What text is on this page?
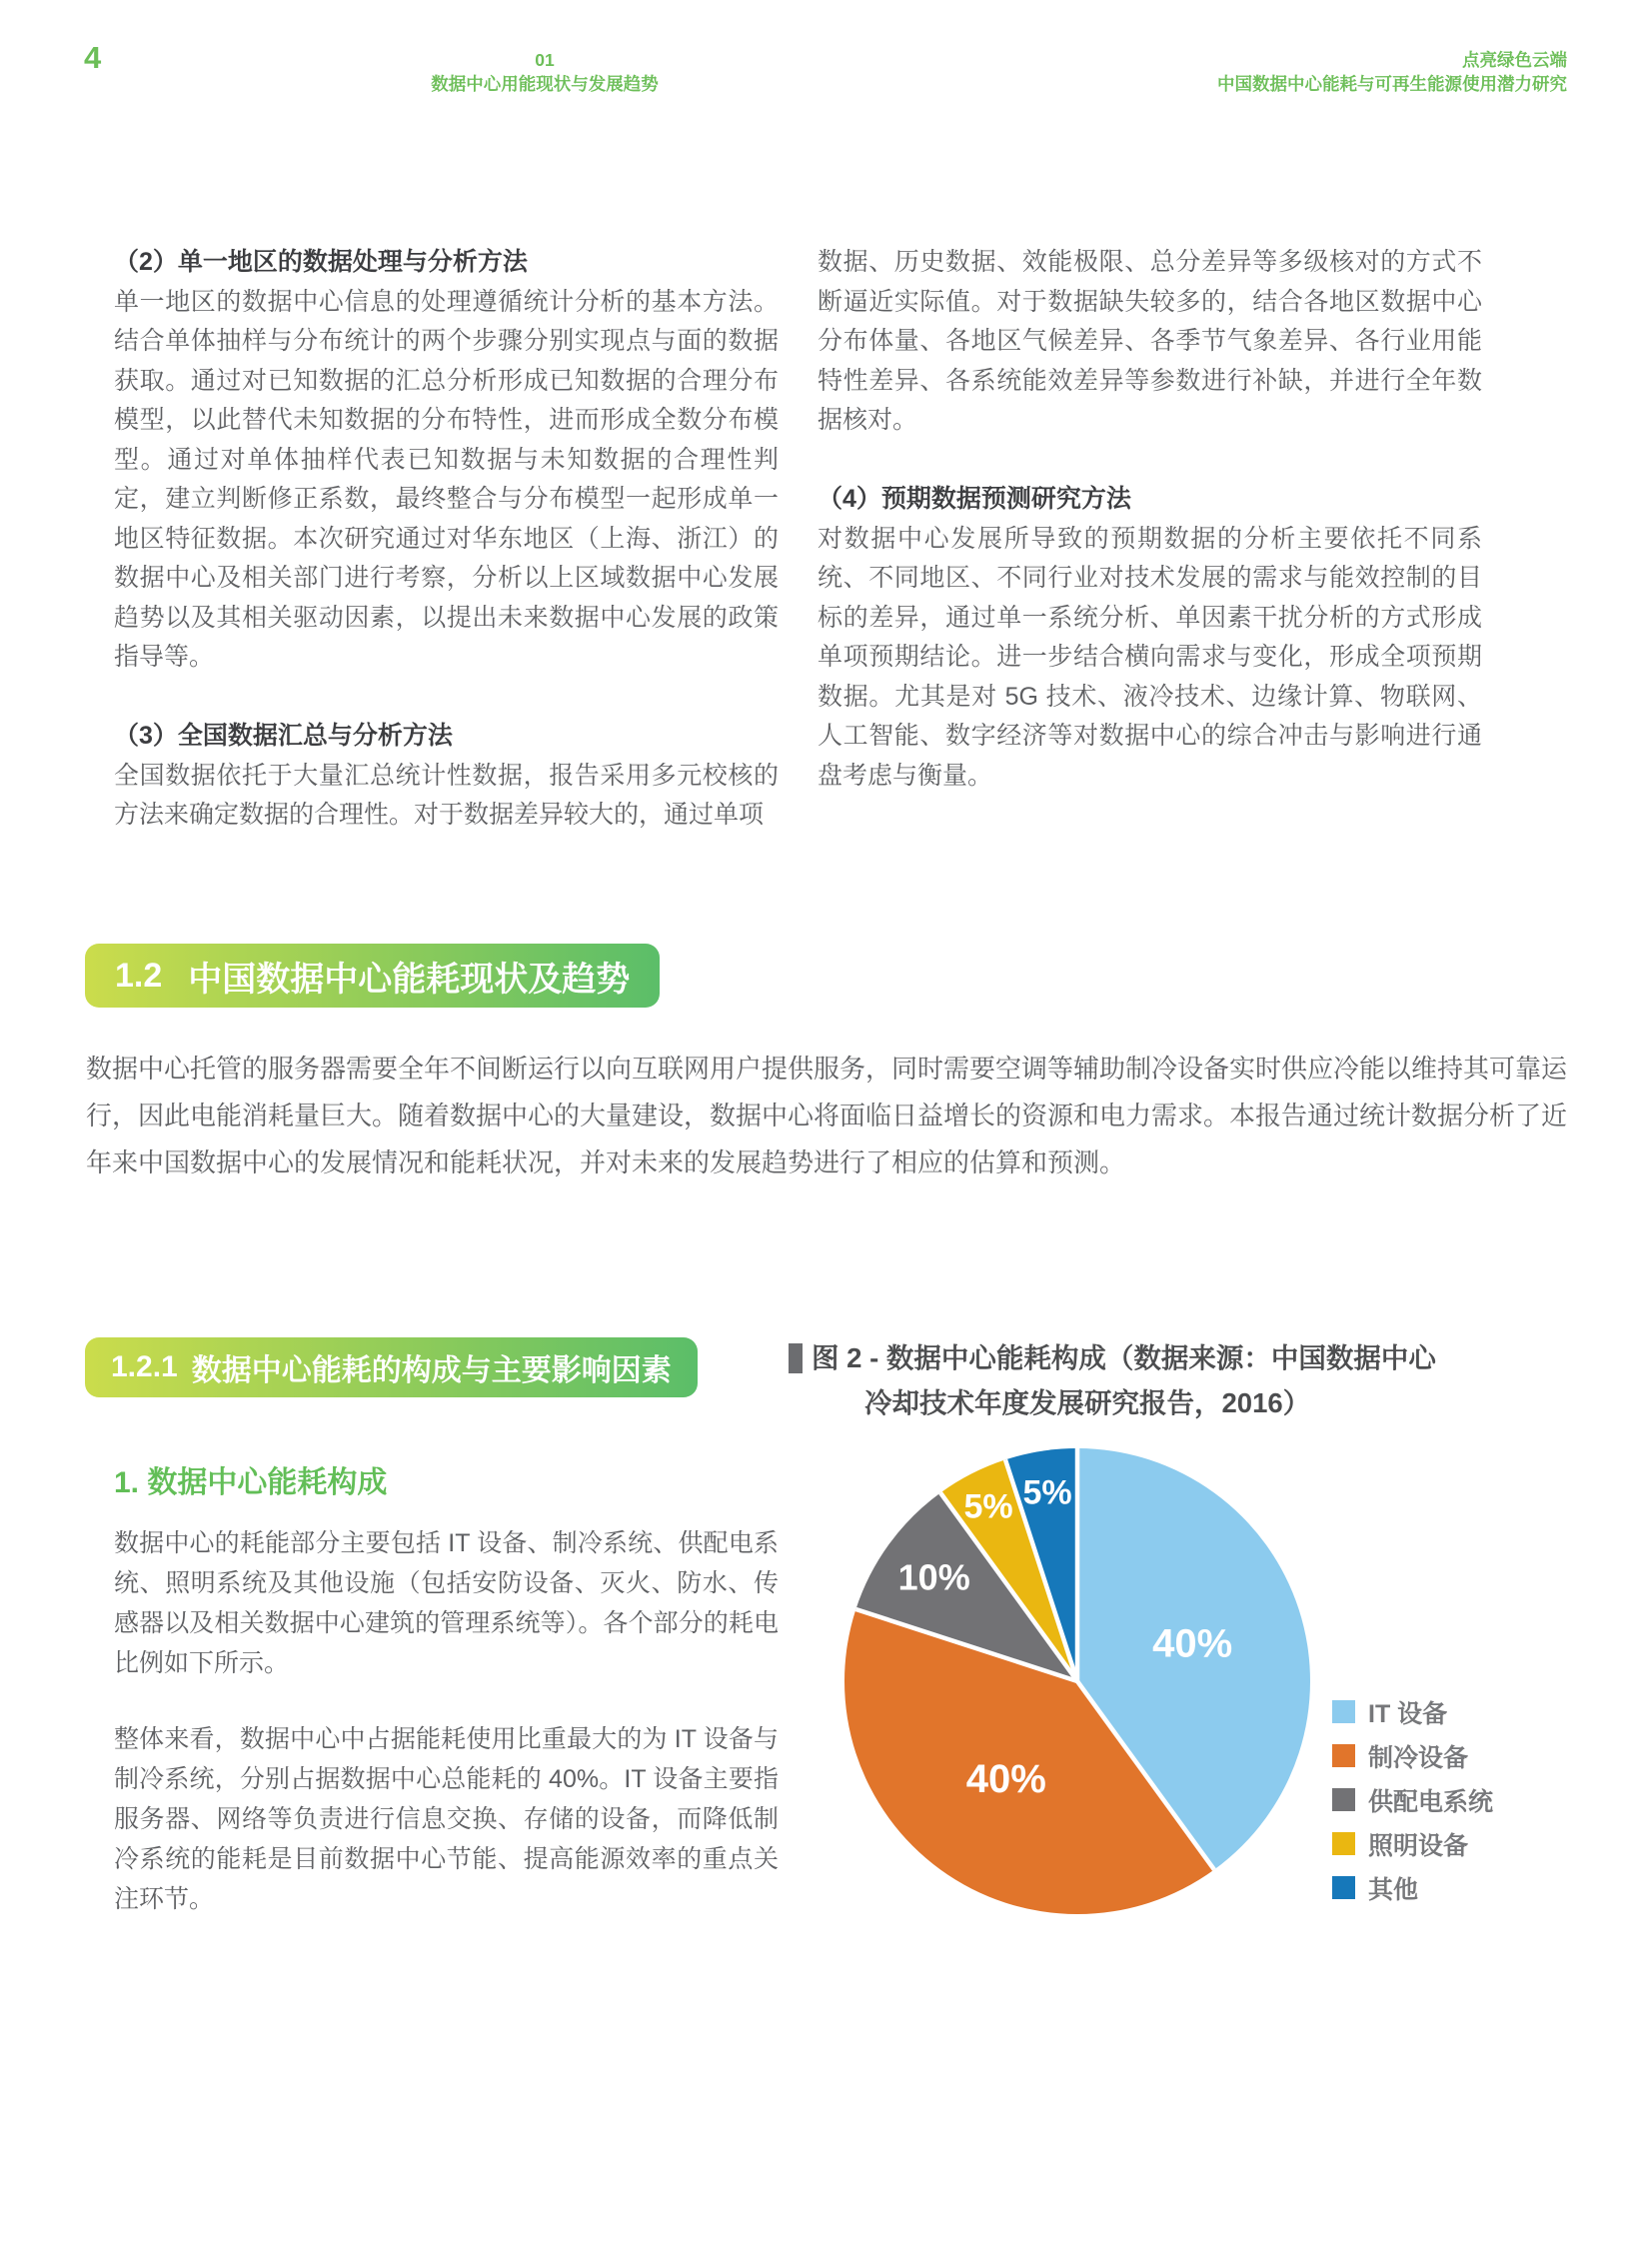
4	01
数据中心用能现状与发展趋势
点亮绿色云端
中国数据中心能耗与可再生能源使用潜力研究
（2）单一地区的数据处理与分析方法
单一地区的数据中心信息的处理遵循统计分析的基本方法。结合单体抽样与分布统计的两个步骤分别实现点与面的数据获取。通过对已知数据的汇总分析形成已知数据的合理分布模型，以此替代未知数据的分布特性，进而形成全数分布模型。通过对单体抽样代表已知数据与未知数据的合理性判定，建立判断修正系数，最终整合与分布模型一起形成单一地区特征数据。本次研究通过对华东地区（上海、浙江）的数据中心及相关部门进行考察，分析以上区域数据中心发展趋势以及其相关驱动因素，以提出未来数据中心发展的政策指导等。
（3）全国数据汇总与分析方法
全国数据依托于大量汇总统计性数据，报告采用多元校核的方法来确定数据的合理性。对于数据差异较大的，通过单项
数据、历史数据、效能极限、总分差异等多级核对的方式不断逼近实际值。对于数据缺失较多的，结合各地区数据中心分布体量、各地区气候差异、各季节气象差异、各行业用能特性差异、各系统能效差异等参数进行补缺，并进行全年数据核对。
（4）预期数据预测研究方法
对数据中心发展所导致的预期数据的分析主要依托不同系统、不同地区、不同行业对技术发展的需求与能效控制的目标的差异，通过单一系统分析、单因素干扰分析的方式形成单项预期结论。进一步结合横向需求与变化，形成全项预期数据。尤其是对 5G 技术、液冷技术、边缘计算、物联网、人工智能、数字经济等对数据中心的综合冲击与影响进行通盘考虑与衡量。
1.2 中国数据中心能耗现状及趋势
数据中心托管的服务器需要全年不间断运行以向互联网用户提供服务，同时需要空调等辅助制冷设备实时供应冷能以维持其可靠运行，因此电能消耗量巨大。随着数据中心的大量建设，数据中心将面临日益增长的资源和电力需求。本报告通过统计数据分析了近年来中国数据中心的发展情况和能耗状况，并对未来的发展趋势进行了相应的估算和预测。
1.2.1 数据中心能耗的构成与主要影响因素
1. 数据中心能耗构成

数据中心的耗能部分主要包括 IT 设备、制冷系统、供配电系统、照明系统及其他设施（包括安防设备、灭火、防水、传感器以及相关数据中心建筑的管理系统等）。各个部分的耗电比例如下所示。

整体来看，数据中心中占据能耗使用比重最大的为 IT 设备与制冷系统，分别占据数据中心总能耗的 40%。IT 设备主要指服务器、网络等负责进行信息交换、存储的设备，而降低制冷系统的能耗是目前数据中心节能、提高能源效率的重点关注环节。

图 2 - 数据中心能耗构成（数据来源：中国数据中心
冷却技术年度发展研究报告，2016）
40%
40%
10%
5% 5%
IT 设备
制冷设备
供配电系统
照明设备
其他
